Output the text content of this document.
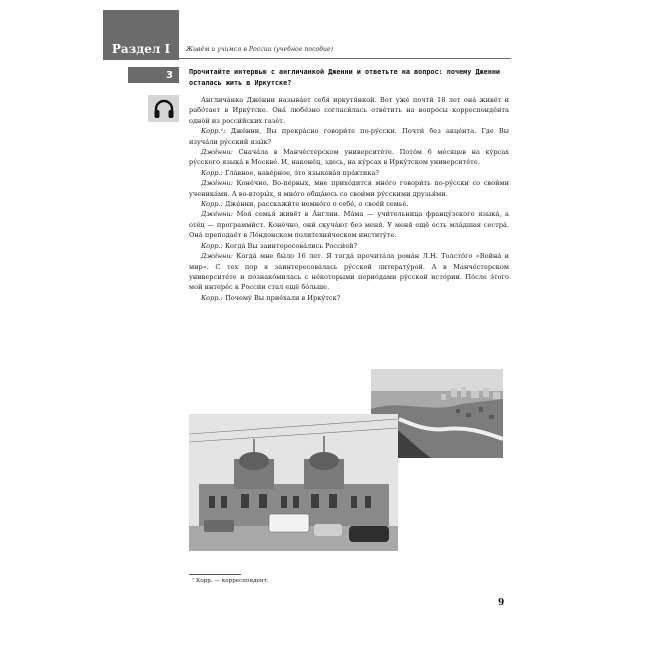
Раздел I	Живём и учимся в России (учебное пособие)
3	Прочитайте интервью с англичанкой Дженни и ответьте на вопрос: почему Дженни осталась жить в Иркутске?

Англича́нка Дже́нни называ́ет себя́ иркутя́нкой. Вот уже́ почти́ 18 лет она́ живёт и рабо́тает в Ирку́тске. Она́ любе́зно согласи́лась отве́тить на вопро́сы корреспонде́нта одно́й из росси́йских газе́т.

Корр.¹: Дже́нни, Вы прекра́сно говори́те по-ру́сски. Почти́ без акце́нта. Где Вы изуча́ли ру́сский язы́к?

Дже́нни: Снача́ла в Манче́стерском университе́те. Пото́м 6 ме́сяцев на ку́рсах ру́сского языка́ в Москве́. И, наконе́ц, здесь, на ку́рсах в Ирку́тском университе́те.

Корр.: Гла́вное, наве́рное, э́то языкова́я пра́ктика?

Дже́нни: Коне́чно. Во-пе́рвых, мне прихо́дится мно́го говори́ть по-ру́сски со свои́ми ученика́ми. А во-вторы́х, я мно́го обща́юсь со свои́ми ру́сскими друзья́ми.

Корр.: Дже́нни, расскажи́те немно́го о себе́, о свое́й семье́.

Дже́нни: Моя́ семья́ живёт в А́нглии. Ма́ма — учи́тельница францу́зского языка́, а оте́ц — программи́ст. Коне́чно, они́ скуча́ют без меня́. У меня́ ещё есть мла́дшая сестра́. Она́ преподаёт в Ло́ндонском политехни́ческом институ́те.

Корр.: Когда́ Вы заинтересова́лись Росси́ей?

Дже́нни: Когда́ мне бы́ло 16 лет. Я тогда́ прочита́ла рома́н Л.Н. Толсто́го «Война́ и мир». С тех пор я заинтересова́лась ру́сской литерату́рой. А в Манче́стерском университе́те и познако́милась с не́которыми перио́дами ру́сской исто́рии. По́сле э́того мой интере́с к Росси́и стал ещё бо́льше.

Корр.: Почему́ Вы прие́хали в Ирку́тск?

¹ Корр. — корреспондент.
9
